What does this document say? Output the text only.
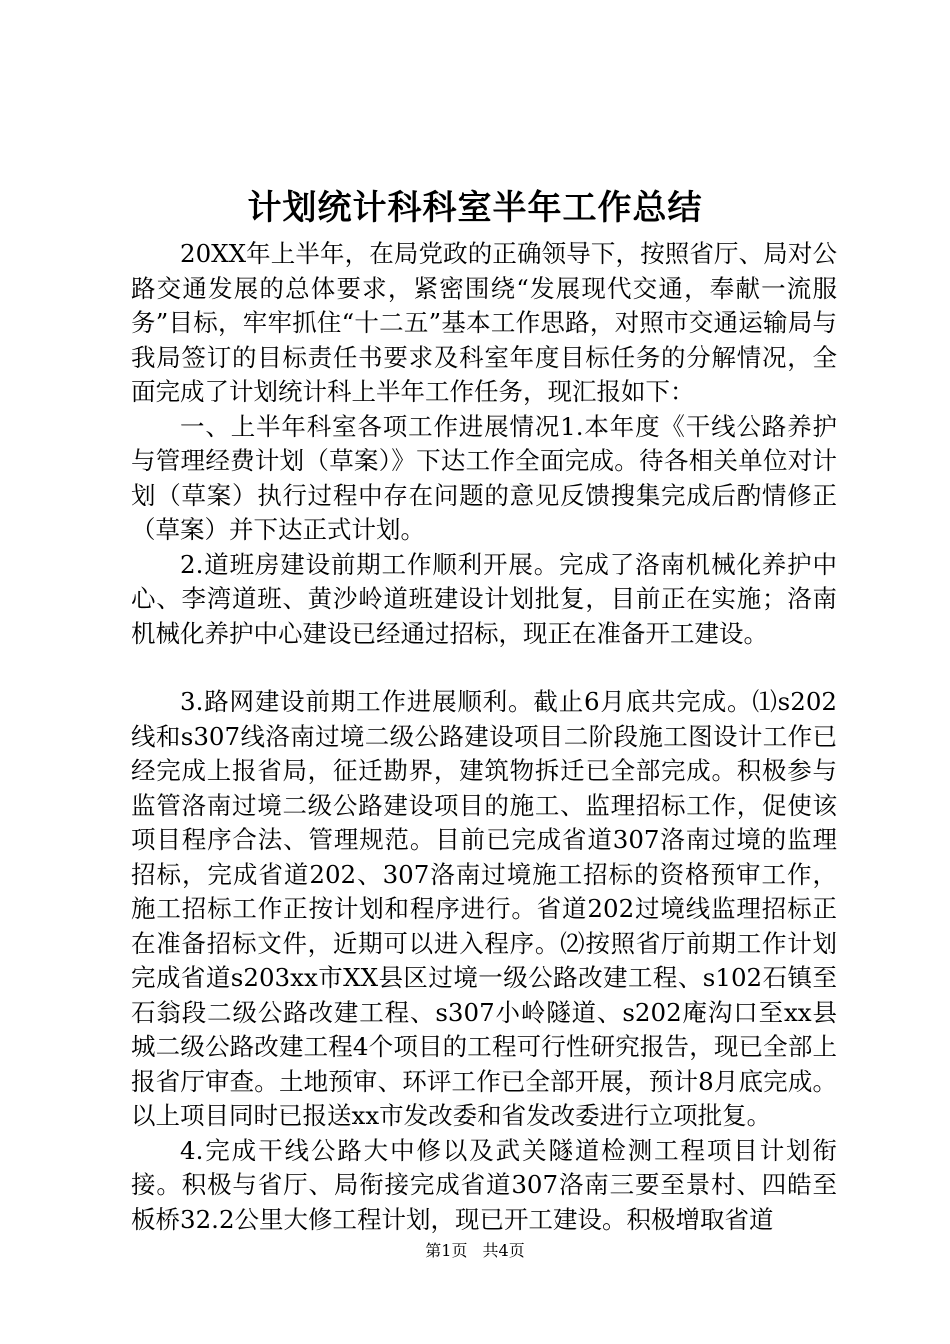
计划统计科科室半年工作总结

20XX年上半年，在局党政的正确领导下，按照省厅、局对公路交通发展的总体要求，紧密围绕“发展现代交通，奉献一流服务”目标，牢牢抓住“十二五”基本工作思路，对照市交通运输局与我局签订的目标责任书要求及科室年度目标任务的分解情况，全面完成了计划统计科上半年工作任务，现汇报如下：

一、上半年科室各项工作进展情况1.本年度《干线公路养护与管理经费计划（草案）》下达工作全面完成。待各相关单位对计划（草案）执行过程中存在问题的意见反馈搜集完成后酌情修正（草案）并下达正式计划。

2.道班房建设前期工作顺利开展。完成了洛南机械化养护中心、李湾道班、黄沙岭道班建设计划批复，目前正在实施；洛南机械化养护中心建设已经通过招标，现正在准备开工建设。

3.路网建设前期工作进展顺利。截止6月底共完成。⑴s202线和s307线洛南过境二级公路建设项目二阶段施工图设计工作已经完成上报省局，征迁勘界，建筑物拆迁已全部完成。积极参与监管洛南过境二级公路建设项目的施工、监理招标工作，促使该项目程序合法、管理规范。目前已完成省道307洛南过境的监理招标，完成省道202、307洛南过境施工招标的资格预审工作，施工招标工作正按计划和程序进行。省道202过境线监理招标正在准备招标文件，近期可以进入程序。⑵按照省厅前期工作计划完成省道s203xx市XX县区过境一级公路改建工程、s102石镇至石翁段二级公路改建工程、s307小岭隧道、s202庵沟口至xx县城二级公路改建工程4个项目的工程可行性研究报告，现已全部上报省厅审查。土地预审、环评工作已全部开展，预计8月底完成。以上项目同时已报送xx市发改委和省发改委进行立项批复。

4.完成干线公路大中修以及武关隧道检测工程项目计划衔接。积极与省厅、局衔接完成省道307洛南三要至景村、四皓至板桥32.2公里大修工程计划，现已开工建设。积极增取省道

第1页 共4页
